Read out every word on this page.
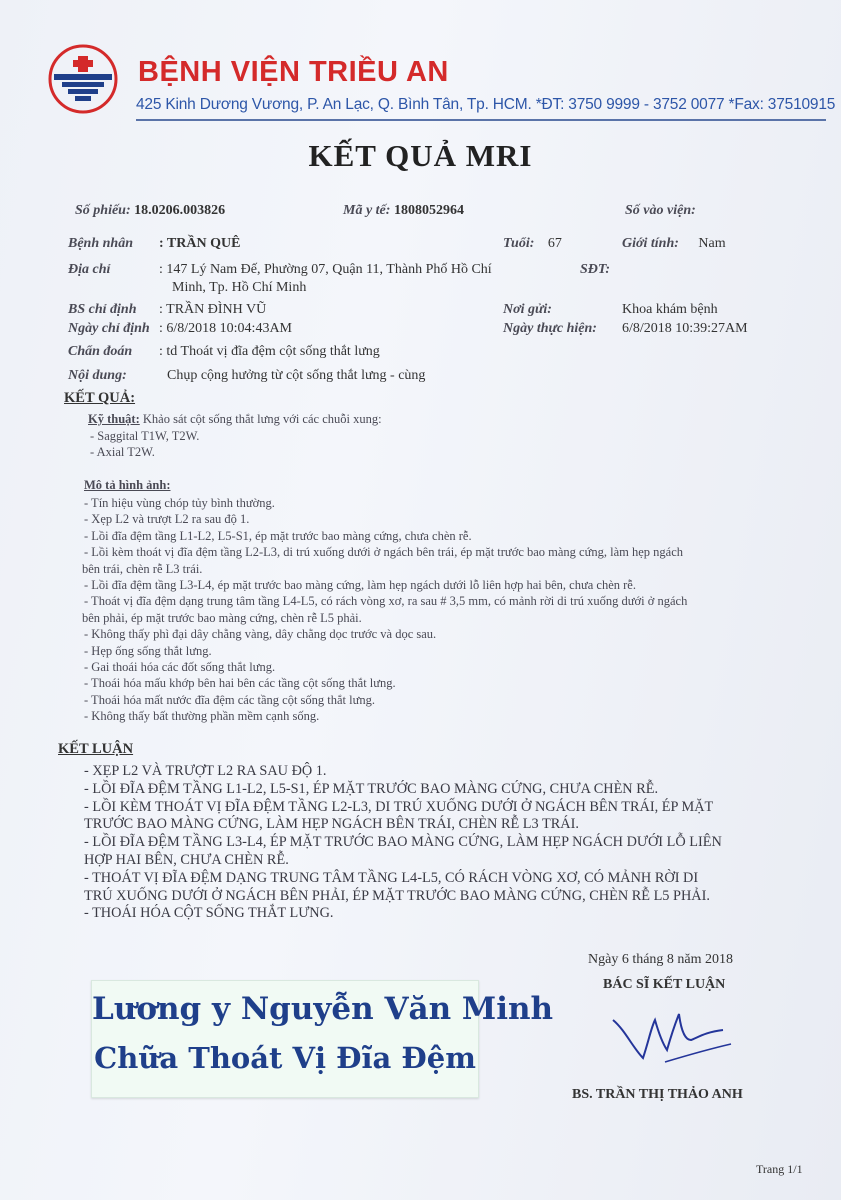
BỆNH VIỆN TRIỀU AN
425 Kinh Dương Vương, P. An Lạc, Q. Bình Tân, Tp. HCM. *ĐT: 3750 9999 - 3752 0077 *Fax: 37510915
KẾT QUẢ MRI
Số phiếu: 18.0206.003826	Mã y tế: 1808052964	Số vào viện:
Bệnh nhân : TRẦN QUÊ	Tuổi: 67	Giới tính: Nam
Địa chỉ	: 147 Lý Nam Đế, Phường 07, Quận 11, Thành Phố Hồ Chí
Minh, Tp. Hồ Chí Minh
SĐT:
BS chỉ định : TRẦN ĐÌNH VŨ	Nơi gửi:	Khoa khám bệnh
Ngày chỉ định : 6/8/2018 10:04:43AM	Ngày thực hiện: 6/8/2018 10:39:27AM
Chẩn đoán : td Thoát vị đĩa đệm cột sống thắt lưng
Nội dung:	Chụp cộng hưởng từ cột sống thắt lưng - cùng
KẾT QUẢ:
Kỹ thuật: Khảo sát cột sống thắt lưng với các chuỗi xung:
- Saggital T1W, T2W.
- Axial T2W.
Mô tả hình ảnh:
- Tín hiệu vùng chóp tủy bình thường.
- Xẹp L2 và trượt L2 ra sau độ 1.
- Lồi đĩa đệm tầng L1-L2, L5-S1, ép mặt trước bao màng cứng, chưa chèn rễ.
- Lồi kèm thoát vị đĩa đệm tầng L2-L3, di trú xuống dưới ở ngách bên trái, ép mặt trước bao màng cứng, làm hẹp ngách
bên trái, chèn rễ L3 trái.
- Lồi đĩa đệm tầng L3-L4, ép mặt trước bao màng cứng, làm hẹp ngách dưới lỗ liên hợp hai bên, chưa chèn rễ.
- Thoát vị đĩa đệm dạng trung tâm tầng L4-L5, có rách vòng xơ, ra sau # 3,5 mm, có mảnh rời di trú xuống dưới ở ngách
bên phải, ép mặt trước bao màng cứng, chèn rễ L5 phải.
- Không thấy phì đại dây chằng vàng, dây chằng dọc trước và dọc sau.
- Hẹp ống sống thắt lưng.
- Gai thoái hóa các đốt sống thắt lưng.
- Thoái hóa mấu khớp bên hai bên các tầng cột sống thắt lưng.
- Thoái hóa mất nước đĩa đệm các tầng cột sống thắt lưng.
- Không thấy bất thường phần mềm cạnh sống.
KẾT LUẬN
- XẸP L2 VÀ TRƯỢT L2 RA SAU ĐỘ 1.
- LỒI ĐĨA ĐỆM TẦNG L1-L2, L5-S1, ÉP MẶT TRƯỚC BAO MÀNG CỨNG, CHƯA CHÈN RỄ.
- LỒI KÈM THOÁT VỊ ĐĨA ĐỆM TẦNG L2-L3, DI TRÚ XUỐNG DƯỚI Ở NGÁCH BÊN TRÁI, ÉP MẶT
TRƯỚC BAO MÀNG CỨNG, LÀM HẸP NGÁCH BÊN TRÁI, CHÈN RỄ L3 TRÁI.
- LỒI ĐĨA ĐỆM TẦNG L3-L4, ÉP MẶT TRƯỚC BAO MÀNG CỨNG, LÀM HẸP NGÁCH DƯỚI LỖ LIÊN
HỢP HAI BÊN, CHƯA CHÈN RỄ.
- THOÁT VỊ ĐĨA ĐỆM DẠNG TRUNG TÂM TẦNG L4-L5, CÓ RÁCH VÒNG XƠ, CÓ MẢNH RỜI DI
TRÚ XUỐNG DƯỚI Ở NGÁCH BÊN PHẢI, ÉP MẶT TRƯỚC BAO MÀNG CỨNG, CHÈN RỄ L5 PHẢI.
- THOÁI HÓA CỘT SỐNG THẮT LƯNG.
Ngày 6 tháng 8 năm 2018
BÁC SĨ KẾT LUẬN
BS. TRẦN THỊ THẢO ANH
Lương y Nguyễn Văn Minh
Chữa Thoát Vị Đĩa Đệm
Trang 1/1
